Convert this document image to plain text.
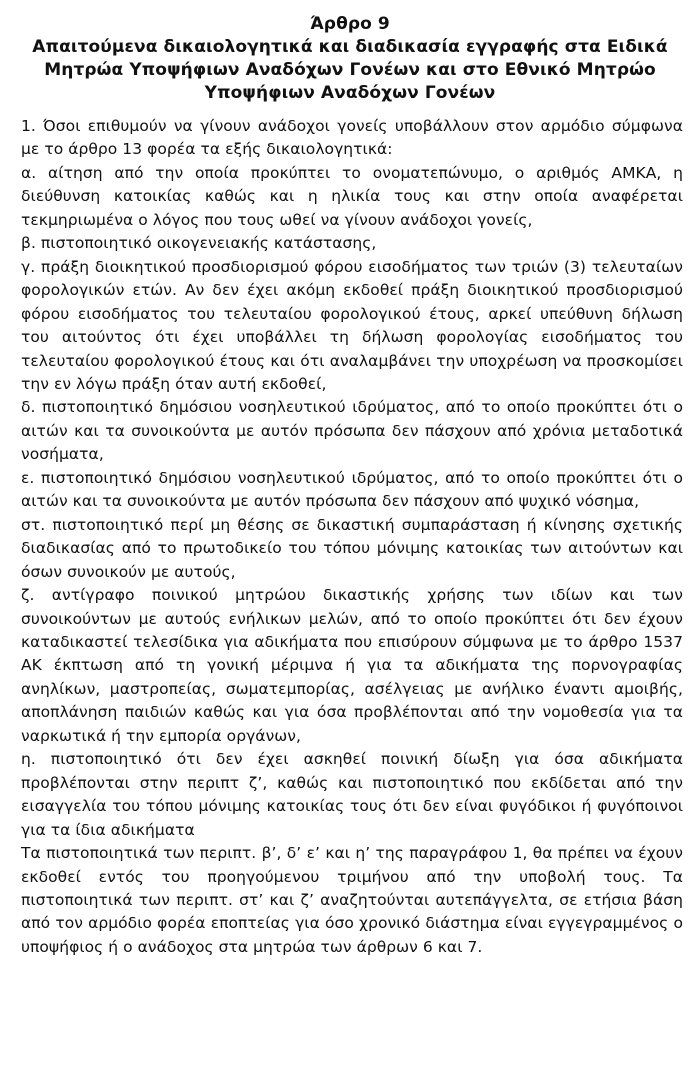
Άρθρο 9
Απαιτούμενα δικαιολογητικά και διαδικασία εγγραφής στα Ειδικά Μητρώα Υποψήφιων Αναδόχων Γονέων και στο Εθνικό Μητρώο Υποψήφιων Αναδόχων Γονέων

1. Όσοι επιθυμούν να γίνουν ανάδοχοι γονείς υποβάλλουν στον αρμόδιο σύμφωνα με το άρθρο 13 φορέα τα εξής δικαιολογητικά:

α. αίτηση από την οποία προκύπτει το ονοματεπώνυμο, ο αριθμός ΑΜΚΑ, η διεύθυνση κατοικίας καθώς και η ηλικία τους και στην οποία αναφέρεται τεκμηριωμένα ο λόγος που τους ωθεί να γίνουν ανάδοχοι γονείς,

β. πιστοποιητικό οικογενειακής κατάστασης,

γ. πράξη διοικητικού προσδιορισμού φόρου εισοδήματος των τριών (3) τελευταίων φορολογικών ετών. Αν δεν έχει ακόμη εκδοθεί πράξη διοικητικού προσδιορισμού φόρου εισοδήματος του τελευταίου φορολογικού έτους, αρκεί υπεύθυνη δήλωση του αιτούντος ότι έχει υποβάλλει τη δήλωση φορολογίας εισοδήματος του τελευταίου φορολογικού έτους και ότι αναλαμβάνει την υποχρέωση να προσκομίσει την εν λόγω πράξη όταν αυτή εκδοθεί,

δ. πιστοποιητικό δημόσιου νοσηλευτικού ιδρύματος, από το οποίο προκύπτει ότι ο αιτών και τα συνοικούντα με αυτόν πρόσωπα δεν πάσχουν από χρόνια μεταδοτικά νοσήματα,

ε. πιστοποιητικό δημόσιου νοσηλευτικού ιδρύματος, από το οποίο προκύπτει ότι ο αιτών και τα συνοικούντα με αυτόν πρόσωπα δεν πάσχουν από ψυχικό νόσημα,

στ. πιστοποιητικό περί μη θέσης σε δικαστική συμπαράσταση ή κίνησης σχετικής διαδικασίας από το πρωτοδικείο του τόπου μόνιμης κατοικίας των αιτούντων και όσων συνοικούν με αυτούς,

ζ. αντίγραφο ποινικού μητρώου δικαστικής χρήσης των ιδίων και των συνοικούντων με αυτούς ενήλικων μελών, από το οποίο προκύπτει ότι δεν έχουν καταδικαστεί τελεσίδικα για αδικήματα που επισύρουν σύμφωνα με το άρθρο 1537 ΑΚ έκπτωση από τη γονική μέριμνα ή για τα αδικήματα της πορνογραφίας ανηλίκων, μαστροπείας, σωματεμπορίας, ασέλγειας με ανήλικο έναντι αμοιβής, αποπλάνηση παιδιών καθώς και για όσα προβλέπονται από την νομοθεσία για τα ναρκωτικά ή την εμπορία οργάνων,

η. πιστοποιητικό ότι δεν έχει ασκηθεί ποινική δίωξη για όσα αδικήματα προβλέπονται στην περιπτ ζ’, καθώς και πιστοποιητικό που εκδίδεται από την εισαγγελία του τόπου μόνιμης κατοικίας τους ότι δεν είναι φυγόδικοι ή φυγόποινοι για τα ίδια αδικήματα

Τα πιστοποιητικά των περιπτ. β’, δ’ ε’ και η’ της παραγράφου 1, θα πρέπει να έχουν εκδοθεί εντός του προηγούμενου τριμήνου από την υποβολή τους. Τα πιστοποιητικά των περιπτ. στ’ και ζ’ αναζητούνται αυτεπάγγελτα, σε ετήσια βάση από τον αρμόδιο φορέα εποπτείας για όσο χρονικό διάστημα είναι εγγεγραμμένος ο υποψήφιος ή ο ανάδοχος στα μητρώα των άρθρων 6 και 7.
